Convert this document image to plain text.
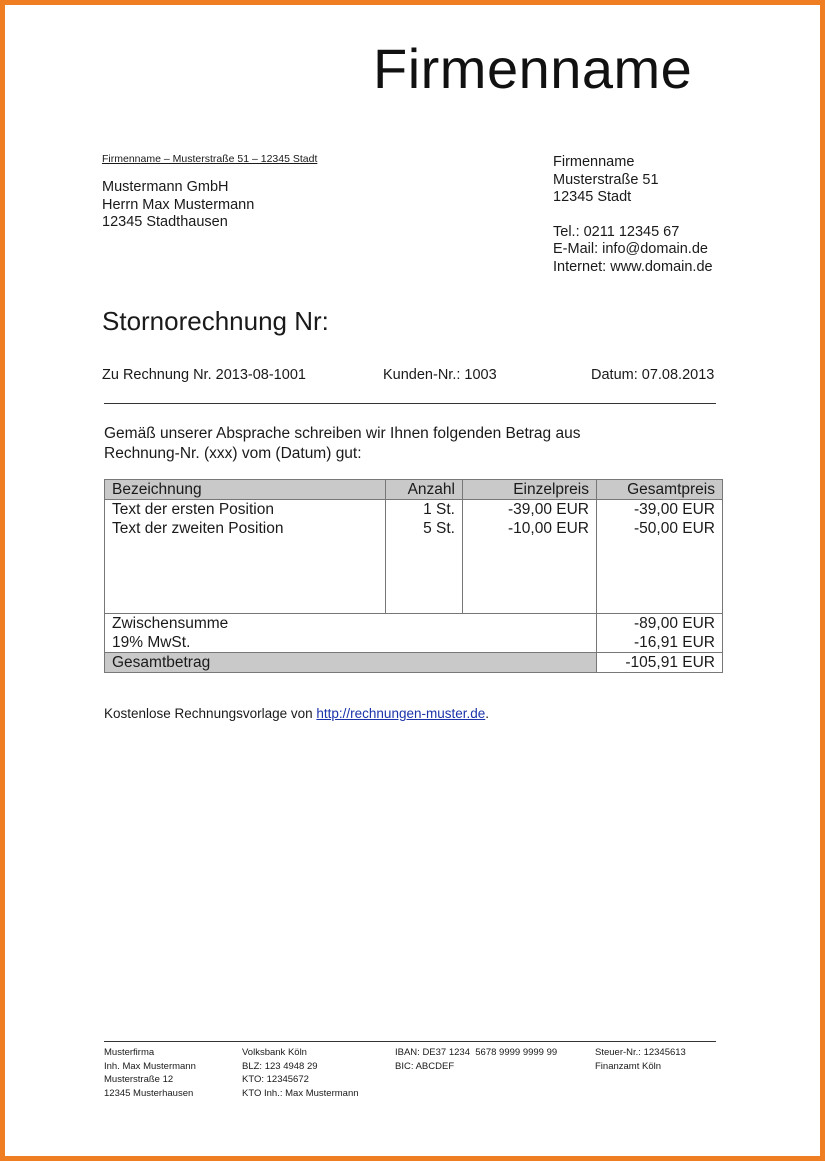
Firmenname
Firmenname – Musterstraße 51 – 12345 Stadt
Mustermann GmbH
Herrn Max Mustermann
12345 Stadthausen
Firmenname
Musterstraße 51
12345 Stadt
Tel.: 0211 12345 67
E-Mail: info@domain.de
Internet: www.domain.de
Stornorechnung Nr:
Zu Rechnung Nr. 2013-08-1001	Kunden-Nr.: 1003	Datum: 07.08.2013
Gemäß unserer Absprache schreiben wir Ihnen folgenden Betrag aus
Rechnung-Nr. (xxx) vom (Datum) gut:
Bezeichnung	Anzahl	Einzelpreis	Gesamtpreis
Text der ersten Position	1 St.	-39,00 EUR	-39,00 EUR
Text der zweiten Position	5 St.	-10,00 EUR	-50,00 EUR

Zwischensumme			-89,00 EUR
19% MwSt.			-16,91 EUR
Gesamtbetrag			-105,91 EUR
Kostenlose Rechnungsvorlage von http://rechnungen-muster.de.
Musterfirma
Inh. Max Mustermann
Musterstraße 12
12345 Musterhausen
Volksbank Köln
BLZ: 123 4948 29
KTO: 12345672
KTO Inh.: Max Mustermann
IBAN: DE37 1234  5678 9999 9999 99
BIC: ABCDEF
Steuer-Nr.: 12345613
Finanzamt Köln
